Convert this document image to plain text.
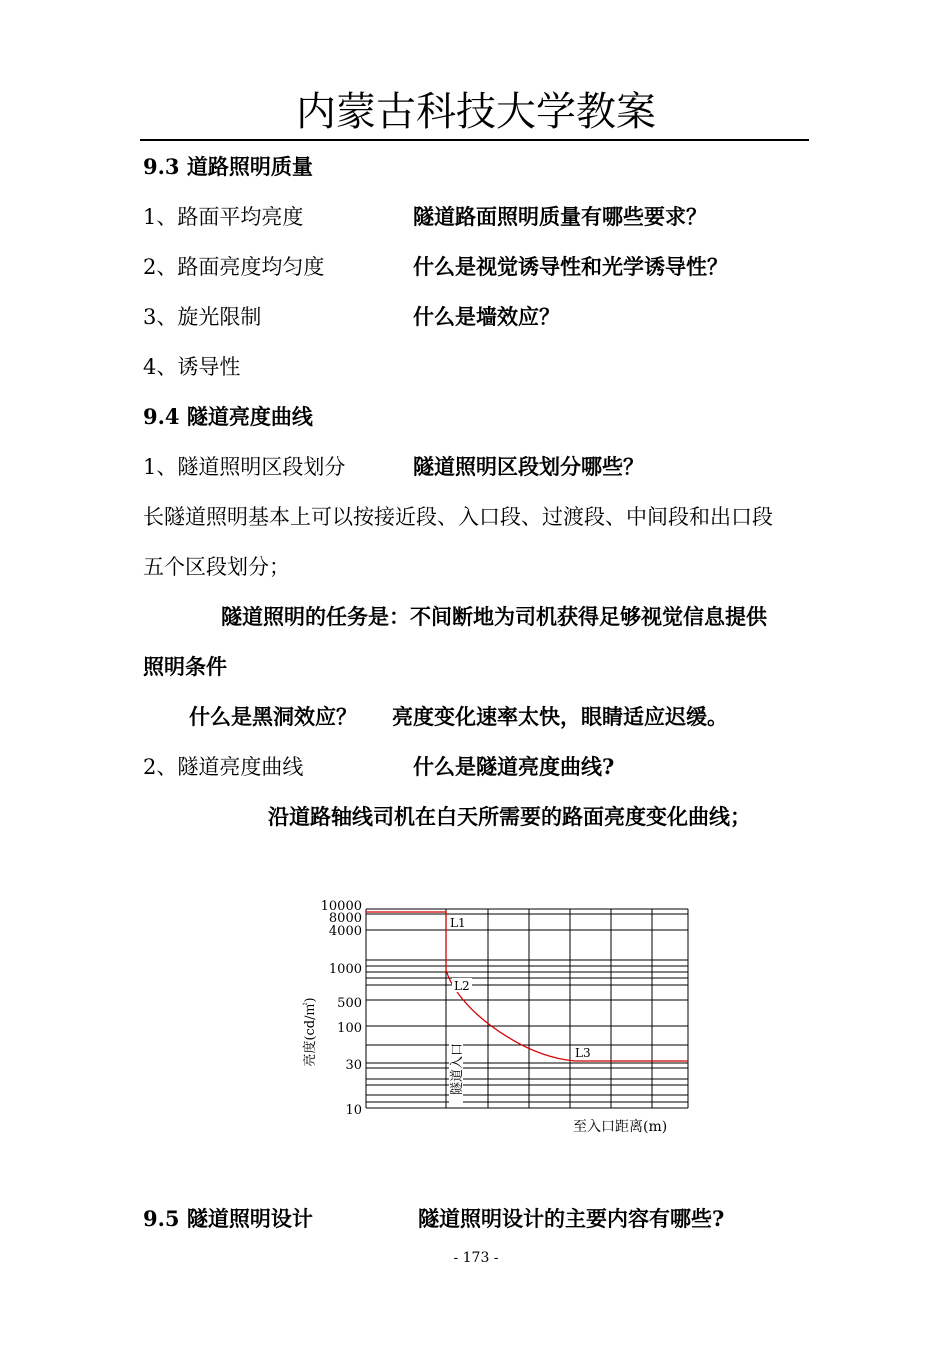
内蒙古科技大学教案
9.3 道路照明质量
1、路面平均亮度	隧道路面照明质量有哪些要求？
2、路面亮度均匀度	什么是视觉诱导性和光学诱导性？
3、旋光限制	什么是墙效应？
4、诱导性
9.4 隧道亮度曲线
1、隧道照明区段划分	隧道照明区段划分哪些？
长隧道照明基本上可以按接近段、入口段、过渡段、中间段和出口段
五个区段划分；
隧道照明的任务是：不间断地为司机获得足够视觉信息提供
照明条件
什么是黑洞效应？ 亮度变化速率太快，眼睛适应迟缓。
2、隧道亮度曲线	什么是隧道亮度曲线?
沿道路轴线司机在白天所需要的路面亮度变化曲线；
10000
8000
4000
1000
500
100
30
10
亮度(cd/㎡)
至入口距离(m)
隧道入口
L1
L2
L3
9.5 隧道照明设计	隧道照明设计的主要内容有哪些?
- 173 -
